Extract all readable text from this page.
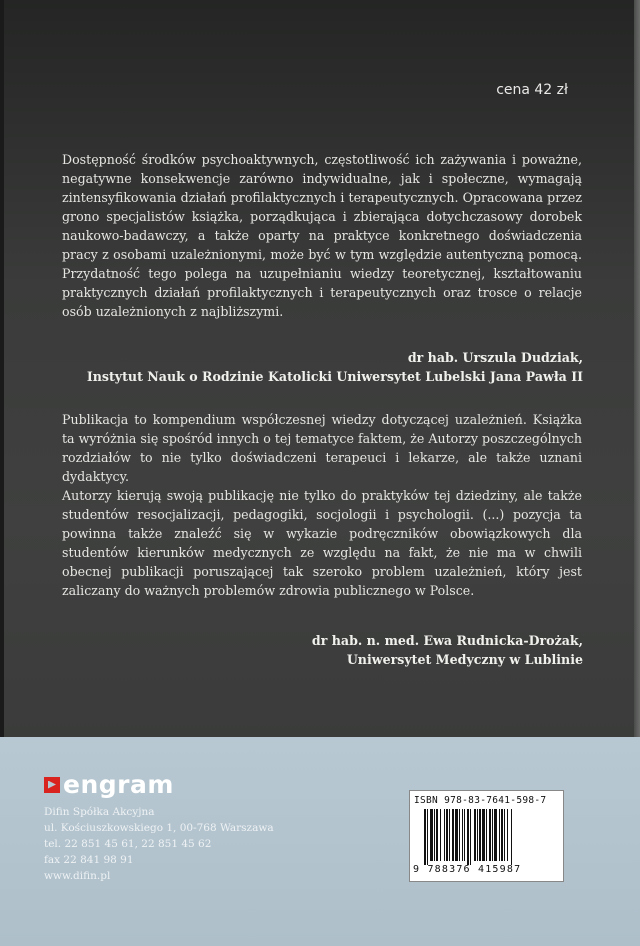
cena 42 zł

Dostępność środków psychoaktywnych, częstotliwość ich zażywania i poważne, negatywne konsekwencje zarówno indywidualne, jak i społeczne, wymagają zintensyfikowania działań profilaktycznych i terapeutycznych. Opracowana przez grono specjalistów książka, porządkująca i zbierająca dotychczasowy dorobek naukowo-badawczy, a także oparty na praktyce konkretnego doświadczenia pracy z osobami uzależnionymi, może być w tym względzie autentyczną pomocą. Przydatność tego polega na uzupełnianiu wiedzy teoretycznej, kształtowaniu praktycznych działań profilaktycznych i terapeutycznych oraz trosce o relacje osób uzależnionych z najbliższymi.

dr hab. Urszula Dudziak,
Instytut Nauk o Rodzinie Katolicki Uniwersytet Lubelski Jana Pawła II

Publikacja to kompendium współczesnej wiedzy dotyczącej uzależnień. Książka ta wyróżnia się spośród innych o tej tematyce faktem, że Autorzy poszczególnych rozdziałów to nie tylko doświadczeni terapeuci i lekarze, ale także uznani dydaktycy.

Autorzy kierują swoją publikację nie tylko do praktyków tej dziedziny, ale także studentów resocjalizacji, pedagogiki, socjologii i psychologii. (...) pozycja ta powinna także znaleźć się w wykazie podręczników obowiązkowych dla studentów kierunków medycznych ze względu na fakt, że nie ma w chwili obecnej publikacji poruszającej tak szeroko problem uzależnień, który jest zaliczany do ważnych problemów zdrowia publicznego w Polsce.

dr hab. n. med. Ewa Rudnicka-Drożak,
Uniwersytet Medyczny w Lublinie
engram
Difin Spółka Akcyjna
ul. Kościuszkowskiego 1, 00-768 Warszawa
tel. 22 851 45 61, 22 851 45 62
fax 22 841 98 91
www.difin.pl
ISBN 978-83-7641-598-7
9 788376 415987
